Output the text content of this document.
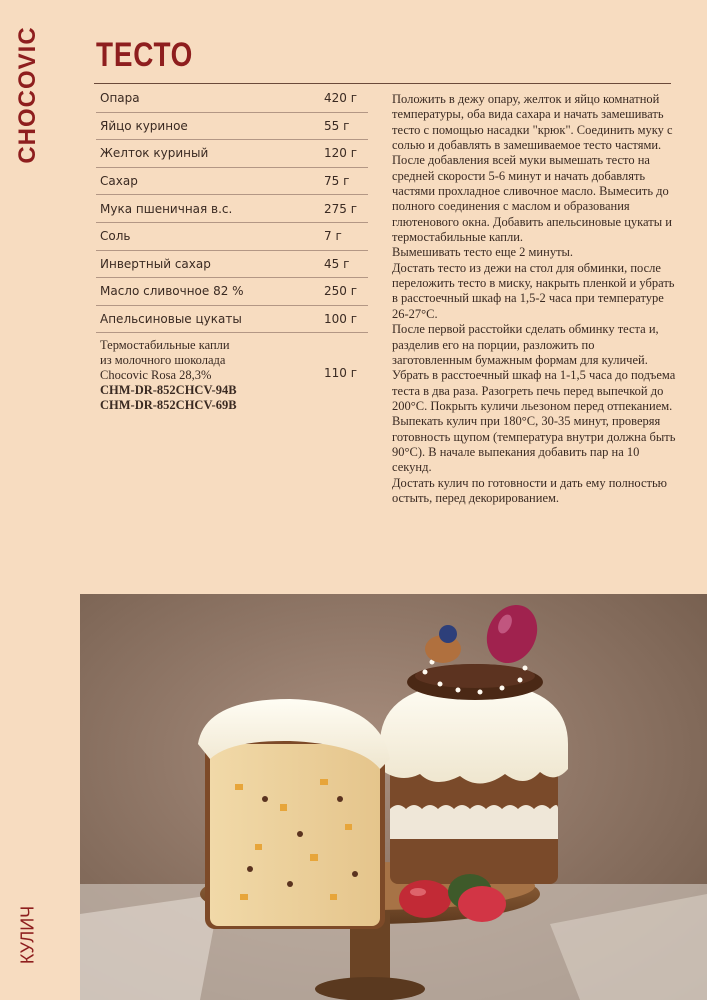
CHOCOVIC ТЕСТО
Опара	420 г
Яйцо куриное	55 г
Желток куриный	120 г
Сахар	75 г
Мука пшеничная в.с.	275 г
Соль	7 г
Инвертный сахар	45 г
Масло сливочное 82 %	250 г
Апельсиновые цукаты	100 г

Термостабильные капли
из молочного шоколада
Chocovic Rosa 28,3%
CHM-DR-852CHCV-94B
CHM-DR-852CHCV-69B	110 г

Положить в дежу опару, желток и яйцо комнатной температуры, оба вида сахара и начать замешивать тесто с помощью насадки "крюк". Соединить муку с солью и добавлять в замешиваемое тесто частями.

После добавления всей муки вымешать тесто на средней скорости 5-6 минут и начать добавлять частями прохладное сливочное масло. Вымесить до полного соединения с маслом и образования глютенового окна. Добавить апельсиновые цукаты и термостабильные капли.

Вымешивать тесто еще 2 минуты.

Достать тесто из дежи на стол для обминки, после переложить тесто в миску, накрыть пленкой и убрать в расстоечный шкаф на 1,5-2 часа при температуре 26-27°С.

После первой расстойки сделать обминку теста и, разделив его на порции, разложить по заготовленным бумажным формам для куличей. Убрать в расстоечный шкаф на 1-1,5 часа до подъема теста в два раза. Разогреть печь перед выпечкой до 200°С. Покрыть куличи льезоном перед отпеканием.

Выпекать кулич при 180°С, 30-35 минут, проверяя готовность щупом (температура внутри должна быть 90°С). В начале выпекания добавить пар на 10 секунд.

Достать кулич по готовности и дать ему полностью остыть, перед декорированием.

КУЛИЧ
